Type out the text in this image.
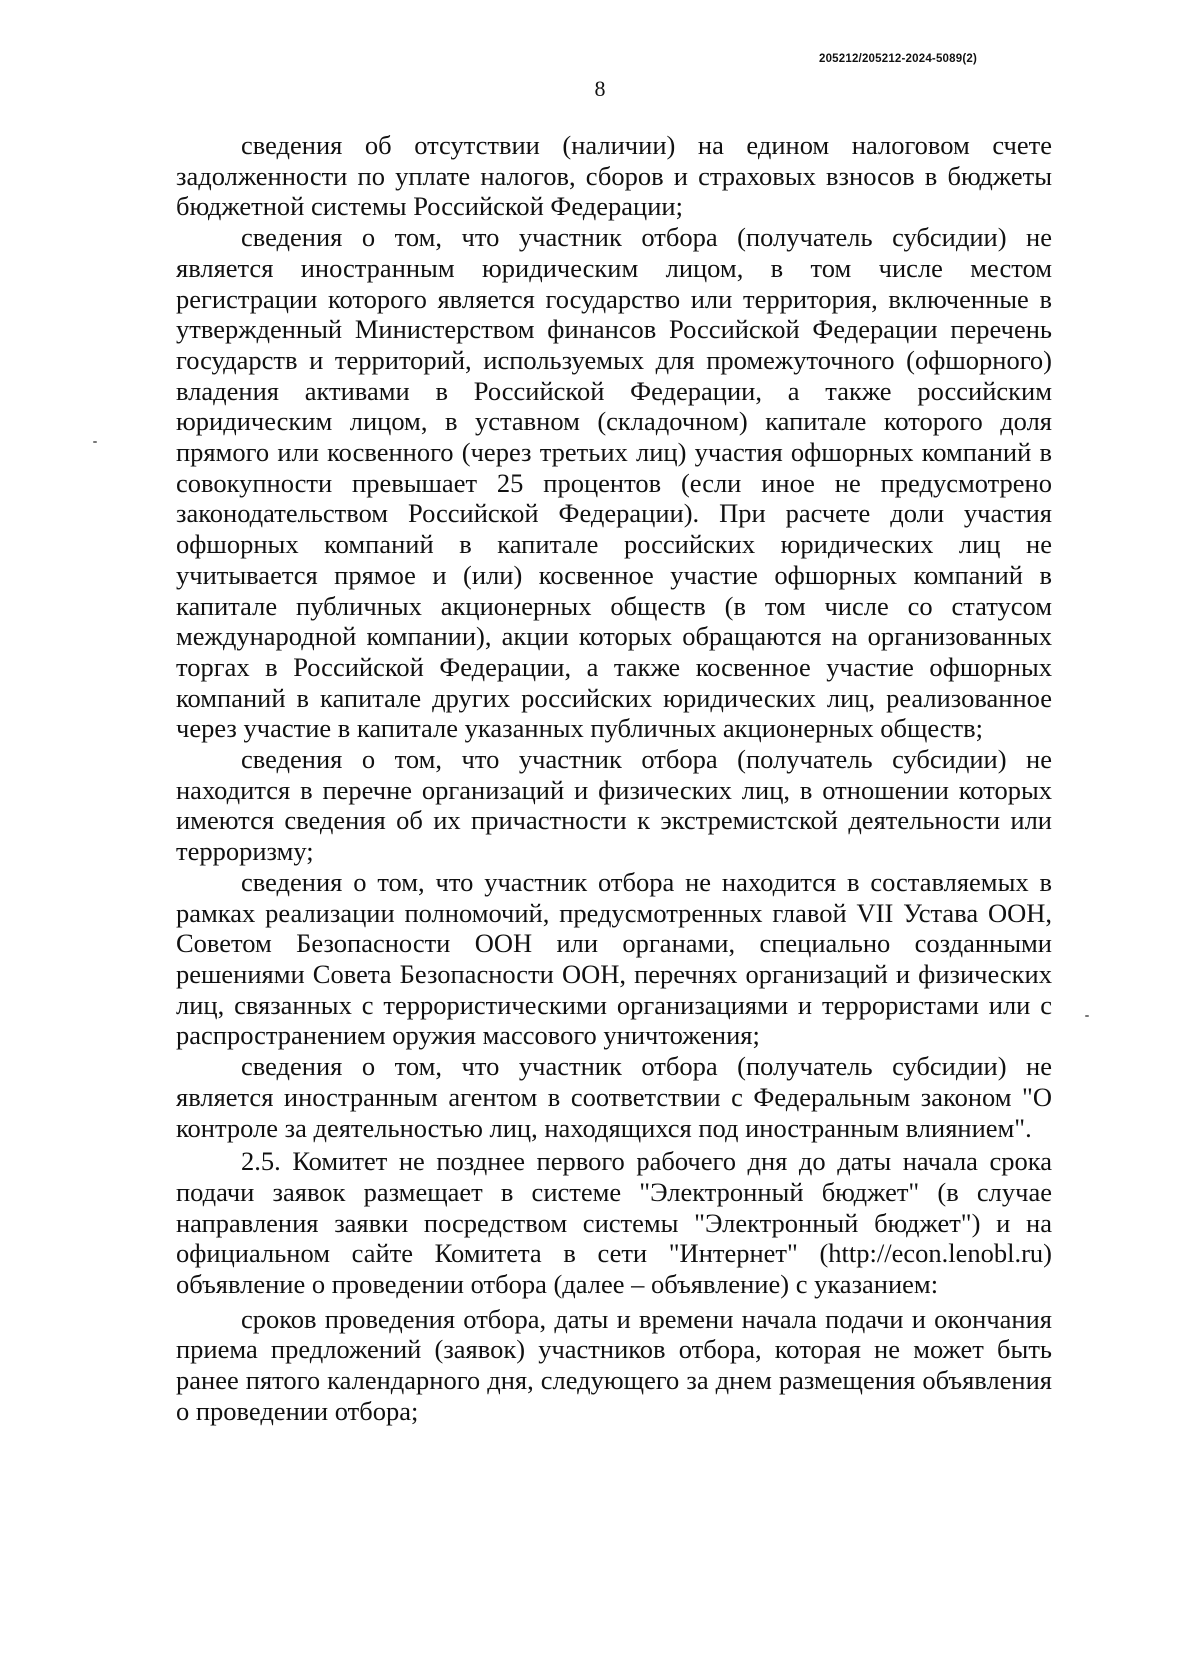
205212/205212-2024-5089(2)
8

сведения об отсутствии (наличии) на едином налоговом счете задолженности по уплате налогов, сборов и страховых взносов в бюджеты бюджетной системы Российской Федерации;

сведения о том, что участник отбора (получатель субсидии) не является иностранным юридическим лицом, в том числе местом регистрации которого является государство или территория, включенные в утвержденный Министерством финансов Российской Федерации перечень государств и территорий, используемых для промежуточного (офшорного) владения активами в Российской Федерации, а также российским юридическим лицом, в уставном (складочном) капитале которого доля прямого или косвенного (через третьих лиц) участия офшорных компаний в совокупности превышает 25 процентов (если иное не предусмотрено законодательством Российской Федерации). При расчете доли участия офшорных компаний в капитале российских юридических лиц не учитывается прямое и (или) косвенное участие офшорных компаний в капитале публичных акционерных обществ (в том числе со статусом международной компании), акции которых обращаются на организованных торгах в Российской Федерации, а также косвенное участие офшорных компаний в капитале других российских юридических лиц, реализованное через участие в капитале указанных публичных акционерных обществ;

сведения о том, что участник отбора (получатель субсидии) не находится в перечне организаций и физических лиц, в отношении которых имеются сведения об их причастности к экстремистской деятельности или терроризму;

сведения о том, что участник отбора не находится в составляемых в рамках реализации полномочий, предусмотренных главой VII Устава ООН, Советом Безопасности ООН или органами, специально созданными решениями Совета Безопасности ООН, перечнях организаций и физических лиц, связанных с террористическими организациями и террористами или с распространением оружия массового уничтожения;

сведения о том, что участник отбора (получатель субсидии) не является иностранным агентом в соответствии с Федеральным законом "О контроле за деятельностью лиц, находящихся под иностранным влиянием".

2.5. Комитет не позднее первого рабочего дня до даты начала срока подачи заявок размещает в системе "Электронный бюджет" (в случае направления заявки посредством системы "Электронный бюджет") и на официальном сайте Комитета в сети "Интернет" (http://econ.lenobl.ru) объявление о проведении отбора (далее – объявление) с указанием:

сроков проведения отбора, даты и времени начала подачи и окончания приема предложений (заявок) участников отбора, которая не может быть ранее пятого календарного дня, следующего за днем размещения объявления о проведении отбора;
